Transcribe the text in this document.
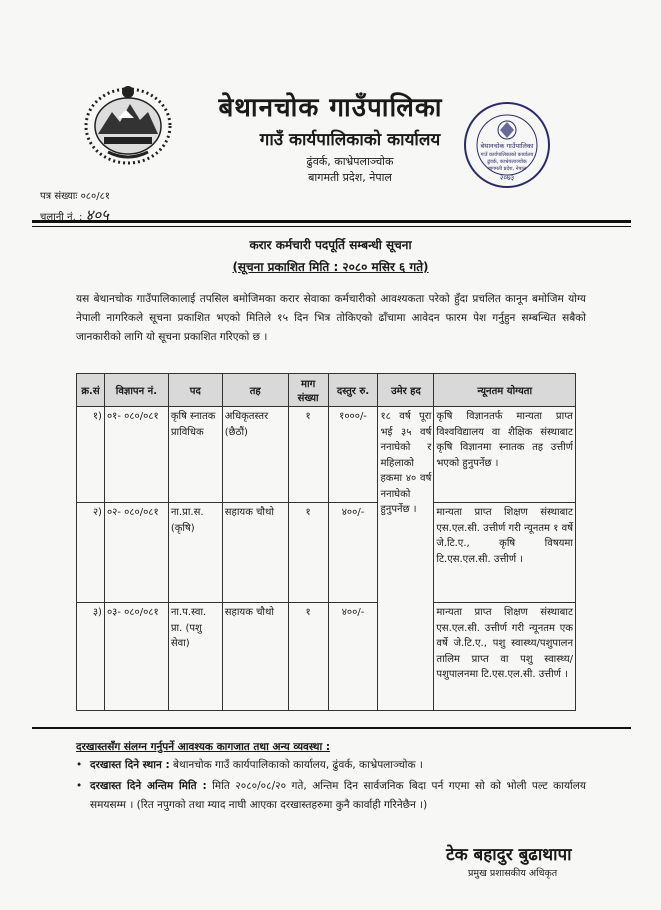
बेथानचोक गाउँपालिका
गाउँ कार्यपालिकाको कार्यालय
ढुंवर्क, काभ्रेपलाञ्चोक
बागमती प्रदेश, नेपाल
२०७३
बेथानचोक गाउँपालिका
गाउँ कार्यपालिकाको कार्यालय
ढुंवर्क, काभ्रेपलाञ्चोक
बागमती प्रदेश, नेपाल
पत्र संख्याः ०८०/८१
चलानी नं. : ४०५
करार कर्मचारी पदपूर्ति सम्बन्धी सूचना
(सूचना प्रकाशित मिति : २०८० मसिर ६ गते)
यस बेथानचोक गाउँपालिकालाई तपसिल बमोजिमका करार सेवाका कर्मचारीको आवश्यकता परेको हुँदा प्रचलित कानून बमोजिम योग्य नेपाली नागरिकले सूचना प्रकाशित भएको मितिले १५ दिन भित्र तोकिएको ढाँचामा आवेदन फारम पेश गर्नुहुन सम्बन्धित सबैको जानकारीको लागि यो सूचना प्रकाशित गरिएको छ ।
क्र.सं	विज्ञापन नं.	पद	तह	माग संख्या	दस्तुर रु.	उमेर हद	न्यूनतम योग्यता
१)	०१- ०८०/०८१	कृषि स्नातक प्राविधिक	अधिकृतस्तर (छैठौं)	१	१०००/-	१८ वर्ष पूरा भई ३५ वर्ष ननाघेको र महिलाको हकमा ४० वर्ष ननाघेको हुनुपर्नेछ ।	कृषि विज्ञानतर्फ मान्यता प्राप्त विश्वविद्यालय वा शैक्षिक संस्थाबाट कृषि विज्ञानमा स्नातक तह उत्तीर्ण भएको हुनुपर्नेछ ।
२)	०२- ०८०/०८१	ना.प्रा.स. (कृषि)	सहायक चौथो	१	४००/-		मान्यता प्राप्त शिक्षण संस्थाबाट एस.एल.सी. उत्तीर्ण गरी न्यूनतम १ वर्षे जे.टि.ए., कृषि विषयमा टि.एस.एल.सी. उत्तीर्ण ।
३)	०३- ०८०/०८१	ना.प.स्वा. प्रा. (पशु सेवा)	सहायक चौथो	१	४००/-		मान्यता प्राप्त शिक्षण संस्थाबाट एस.एल.सी. उत्तीर्ण गरी न्यूनतम एक वर्षे जे.टि.ए., पशु स्वास्थ्य/पशुपालन तालिम प्राप्त वा पशु स्वास्थ्य/पशुपालनमा टि.एस.एल.सी. उत्तीर्ण ।
दरखास्तसँग संलग्न गर्नुपर्ने आवश्यक कागजात तथा अन्य व्यवस्था :
• दरखास्त दिने स्थान : बेथानचोक गाउँ कार्यपालिकाको कार्यालय, ढुंवर्क, काभ्रेपलाञ्चोक ।
• दरखास्त दिने अन्तिम मिति : मिति २०८०/०८/२० गते, अन्तिम दिन सार्वजनिक बिदा पर्न गएमा सो को भोली पल्ट कार्यालय समयसम्म । (रित नपुगको तथा म्याद नाघी आएका दरखास्तहरुमा कुनै कार्वाही गरिनेछैन ।)
टेक बहादुर बुढाथापा
प्रमुख प्रशासकीय अधिकृत
